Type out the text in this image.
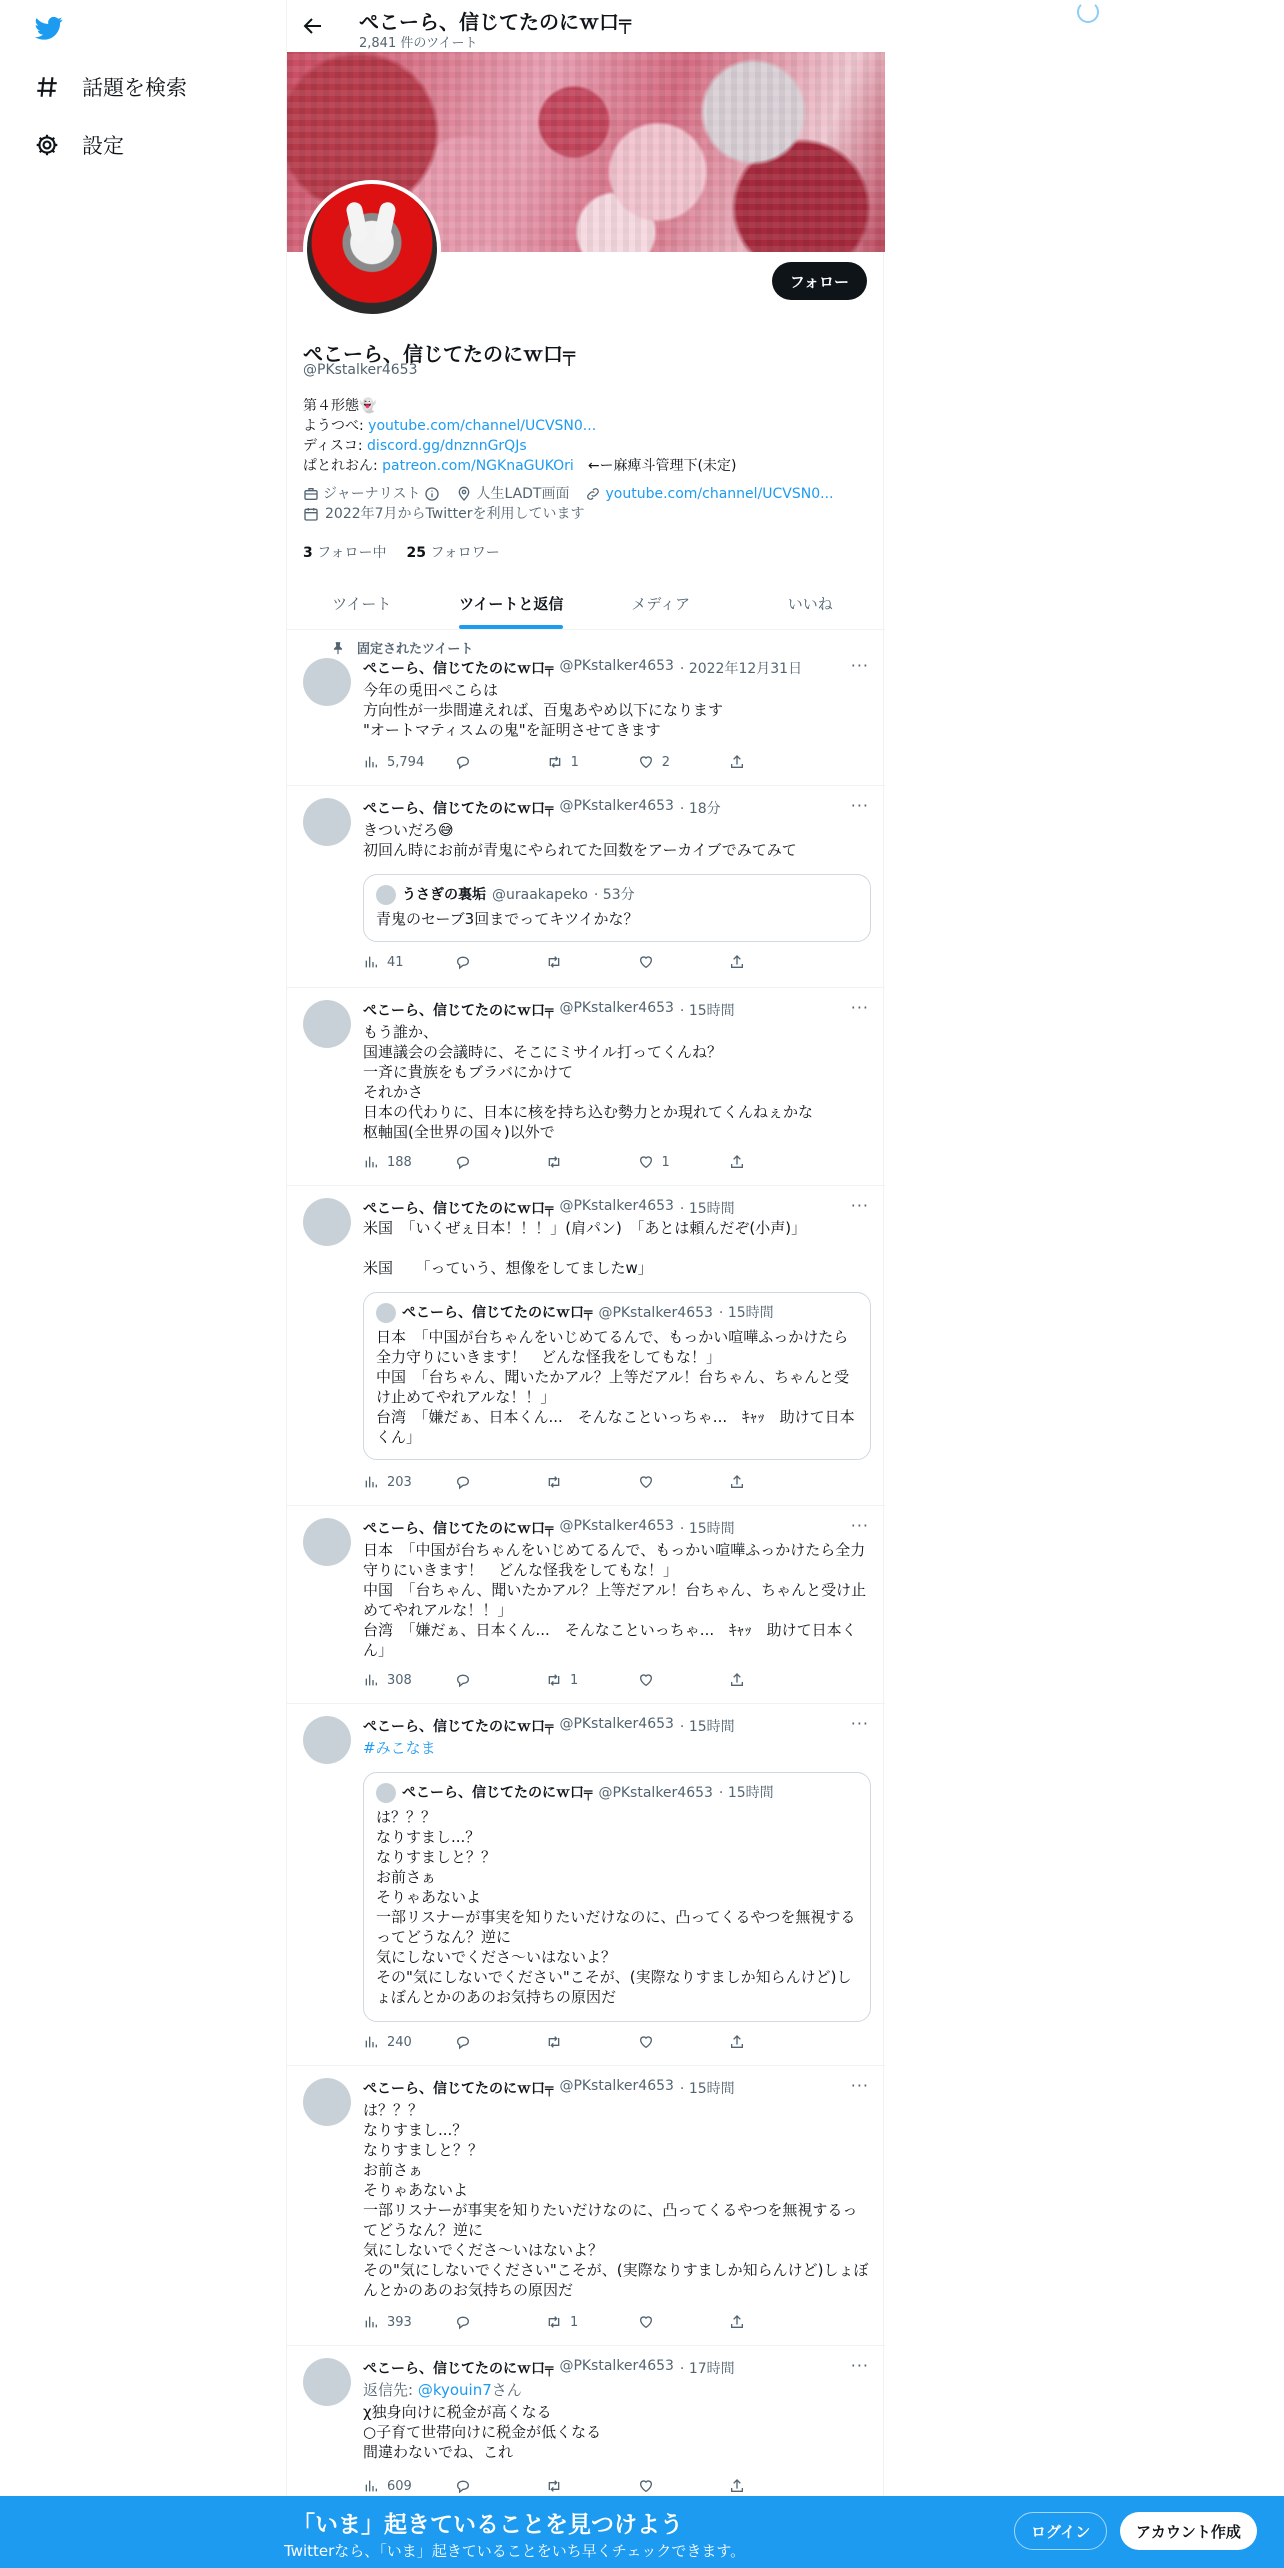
話題を検索
設定
ぺこーら、信じてたのにｗ⼝╤
2,841 件のツイート
フォロー
ぺこーら、信じてたのにｗ⼝╤
@PKstalker4653
第４形態👻
ようつべ: youtube.com/channel/UCVSN0...
ディスコ: discord.gg/dnznnGrQJs
ぱとれおん: patreon.com/NGKnaGUKOri　←ー麻痺斗管理下(未定)
ジャーナリスト	人生LADT画面	youtube.com/channel/UCVSN0...
2022年7月からTwitterを利用しています
3 フォロー中 25 フォロワー
ツイート	ツイートと返信	メディア	いいね
固定されたツイート
ぺこーら、信じてたのにｗ⼝╤ @PKstalker4653 · 2022年12月31日	···
今年の兎田ぺこらは
方向性が一歩間違えれば、百鬼あやめ以下になります
"オートマティスムの鬼"を証明させてきます
5,794	1	2
ぺこーら、信じてたのにｗ⼝╤ @PKstalker4653 · 18分	···
きついだろ😅
初回ん時にお前が青鬼にやられてた回数をアーカイブでみてみて
うさぎの裏垢 @uraakapeko · 53分
青鬼のセーブ3回までってキツイかな？
41
ぺこーら、信じてたのにｗ⼝╤ @PKstalker4653 · 15時間	···
もう誰か、
国連議会の会議時に、そこにミサイル打ってくんね？
一斉に貴族をもブラバにかけて
それかさ
日本の代わりに、日本に核を持ち込む勢力とか現れてくんねぇかな
枢軸国(全世界の国々)以外で
188	1
ぺこーら、信じてたのにｗ⼝╤ @PKstalker4653 · 15時間	···
米国　「いくぜぇ日本！！！」(肩パン)　「あとは頼んだぞ(小声)」

米国　　「っていう、想像をしてましたw」
ぺこーら、信じてたのにｗ⼝╤ @PKstalker4653 · 15時間
日本　「中国が台ちゃんをいじめてるんで、もっかい喧嘩ふっかけたら全力守りにいきます！　どんな怪我をしてもな！」
中国　「台ちゃん、聞いたかアル？上等だアル！台ちゃん、ちゃんと受け止めてやれアルな！！」
台湾　「嫌だぁ、日本くん...　そんなこといっちゃ...　ｷｬｯ　助けて日本くん」
203
ぺこーら、信じてたのにｗ⼝╤ @PKstalker4653 · 15時間	···
日本　「中国が台ちゃんをいじめてるんで、もっかい喧嘩ふっかけたら全力守りにいきます！　どんな怪我をしてもな！」
中国　「台ちゃん、聞いたかアル？上等だアル！台ちゃん、ちゃんと受け止めてやれアルな！！」
台湾　「嫌だぁ、日本くん...　そんなこといっちゃ...　ｷｬｯ　助けて日本くん」
308	1
ぺこーら、信じてたのにｗ⼝╤ @PKstalker4653 · 15時間	···
#みこなま
ぺこーら、信じてたのにｗ⼝╤ @PKstalker4653 · 15時間
は？？？
なりすまし...？
なりすましと？？
お前さぁ
そりゃあないよ
一部リスナーが事実を知りたいだけなのに、凸ってくるやつを無視するってどうなん？逆に
気にしないでくださ〜いはないよ？
その"気にしないでください"こそが、(実際なりすましか知らんけど)しょぼんとかのあのお気持ちの原因だ
240
ぺこーら、信じてたのにｗ⼝╤ @PKstalker4653 · 15時間	···
は？？？
なりすまし...？
なりすましと？？
お前さぁ
そりゃあないよ
一部リスナーが事実を知りたいだけなのに、凸ってくるやつを無視するってどうなん？逆に
気にしないでくださ〜いはないよ？
その"気にしないでください"こそが、(実際なりすましか知らんけど)しょぼんとかのあのお気持ちの原因だ
393	1
ぺこーら、信じてたのにｗ⼝╤ @PKstalker4653 · 17時間	···
返信先: @kyouin7さん
χ独身向けに税金が高くなる
○子育て世帯向けに税金が低くなる
間違わないでね、これ
609
「いま」起きていることを見つけよう
Twitterなら、「いま」起きていることをいち早くチェックできます。
ログイン	アカウント作成
